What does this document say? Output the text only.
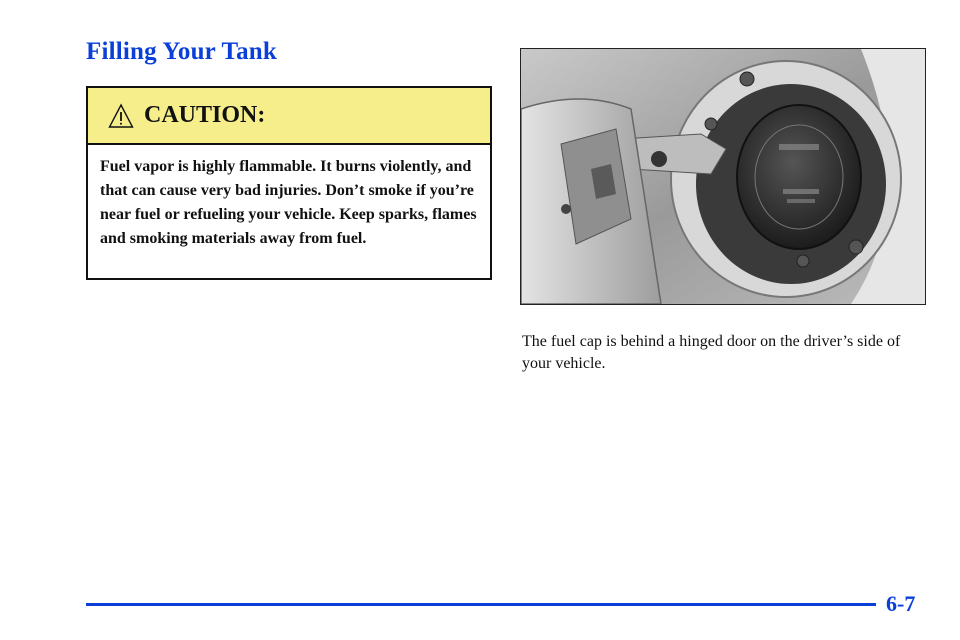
Filling Your Tank
CAUTION:

Fuel vapor is highly flammable. It burns violently, and that can cause very bad injuries. Don’t smoke if you’re near fuel or refueling your vehicle. Keep sparks, flames and smoking materials away from fuel.

The fuel cap is behind a hinged door on the driver’s side of your vehicle.

6-7
